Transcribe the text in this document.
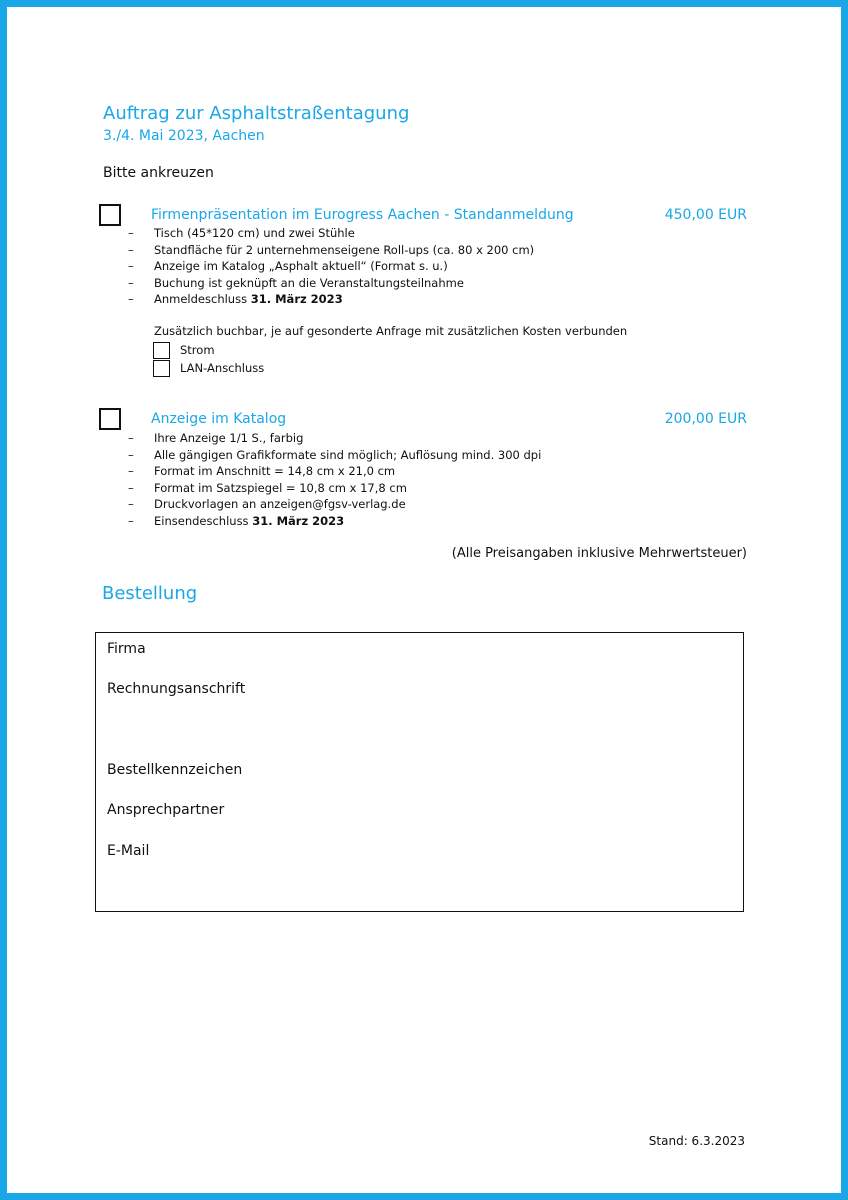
Auftrag zur Asphaltstraßentagung
3./4. Mai 2023, Aachen
Bitte ankreuzen
Firmenpräsentation im Eurogress Aachen - Standanmeldung	450,00 EUR
–	Tisch (45*120 cm) und zwei Stühle
–	Standfläche für 2 unternehmenseigene Roll-ups (ca. 80 x 200 cm)
–	Anzeige im Katalog „Asphalt aktuell“ (Format s. u.)
–	Buchung ist geknüpft an die Veranstaltungsteilnahme
–	Anmeldeschluss 31. März 2023
Zusätzlich buchbar, je auf gesonderte Anfrage mit zusätzlichen Kosten verbunden
Strom
LAN-Anschluss
Anzeige im Katalog	200,00 EUR
–	Ihre Anzeige 1/1 S., farbig
–	Alle gängigen Grafikformate sind möglich; Auflösung mind. 300 dpi
–	Format im Anschnitt = 14,8 cm x 21,0 cm
–	Format im Satzspiegel = 10,8 cm x 17,8 cm
–	Druckvorlagen an anzeigen@fgsv-verlag.de
–	Einsendeschluss 31. März 2023
(Alle Preisangaben inklusive Mehrwertsteuer)
Bestellung
Firma
Rechnungsanschrift
Bestellkennzeichen
Ansprechpartner
E-Mail
Stand: 6.3.2023
